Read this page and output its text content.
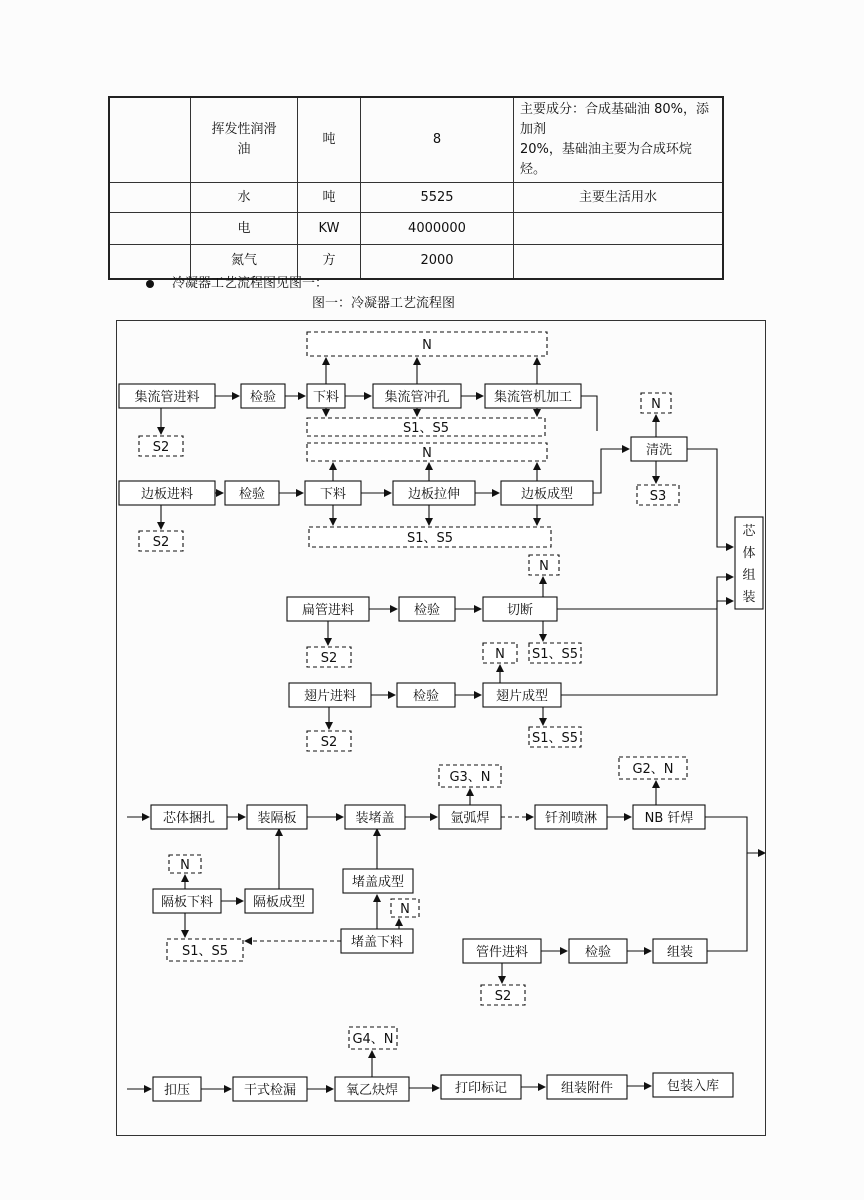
	挥发性润滑
油	吨	8	主要成分：合成基础油 80%，添加剂
20%，基础油主要为合成环烷烃。
	水	吨	5525	主要生活用水
	电	KW	4000000	
	氮气	方	2000	
冷凝器工艺流程图见图一：
图一：冷凝器工艺流程图
集流管进料	检验	下料	集流管冲孔	集流管机加工
N
S1、S5
S2	N
边板进料	检验	下料	边板拉伸	边板成型
S1、S5
S2
N
清洗
S3
芯
体
组
装
N
扁管进料	检验	切断
N S1、S5
S2
翅片进料	检验	翅片成型
S1、S5
S2
G3、N
G2、N
芯体捆扎	装隔板	装堵盖	氩弧焊	钎剂喷淋	NB 钎焊
N
隔板下料	隔板成型
堵盖成型
N
堵盖下料
S1、S5	管件进料	检验	组装
S2
G4、N
扣压	干式检漏	氧乙炔焊	打印标记	组装附件	包装入库
